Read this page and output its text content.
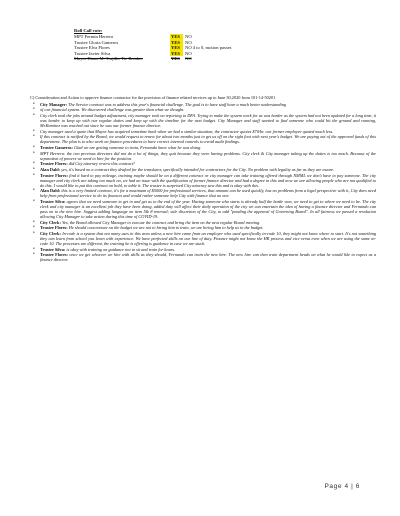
Roll Call vote:
MPT Fermin Herrera	YES	NO
Trustee Gloria Gameros	YES	NO
Trustee Elva Flores	YES	NO 4 to 0, motion passes
Trustee Javier Silva	YES	NO
Mayor Diana M. Trujillo-Tie Breaker	YES	NO
C) Consideration and Action to approve finance contractor for the provision of finance related services up to June 30,2020 from 101-14-50201
• City Manager: The Service contract was to address this year's financial challenge. The goal is to have staff have a much better understanding
• of our financial system. We discovered challenge was greater than what we thought.
• City clerk took the jobs around budget adjustment, city manager took on reporting to DFA. Trying to make the system work for us was harder as the system had not been updated for a long time, it was harder to keep up with our regular duties and keep up with the timeline for the next budget. City Manager and staff wanted to find someone who could hit the ground and running, Mr.Ramirez was reached out since he was our former finance director.
• City manager used a quote that Mayor has acquired sometime back when we had a similar situation, the contractor quotes $70/hr. our former employee quoted much less.
• If this contract is ratified by the Board, we would request to renew for about two months just to get us off on the right foot with next year's budget. We are paying out of the approved funds of this department. The plan is to also work on finance procedures to have correct internal controls to avoid audit findings.
• Trustee Gameros: Glad we are getting someone to train, Fernando knew what he was doing.
• MPT Herrera: the two previous directors did not do a lot of things, they quit because they were having problems. City clerk & City manager taking up the duties is too much. Because of the separation of powers we need to hire for the position.
• Trustee Flores: did City attorney review this contract?
• Alan Dahl: yes, it's based on a contract they drafted for the translator, specifically intended for contractors for the City. No problem with legality as far as they are aware.
• Trustee Flores: find it hard to pay mileage, training maybe should be on a different contract or city manager can take training offered through NMML we don't have to pay someone. The city manager and city clerk are taking too much on, we had an issue with the qualification of former finance director and had a degree in this and now we are allowing people who are not qualified to do this. I would like to put this contract on hold, to table it. The trustee is surprised City attorney saw this and is okay with this.
• Alan Dahl: this is a very limited contract, it's for a maximum of $5000 for professional services, that amount can be used quickly, has no problems from a legal perspective with it, City does need help from professional service to do its finances and would rather someone help City with finance that no one.
• Trustee Silva: agrees that we need someone to get in and get us to the end of the year. Having someone who starts is already half the battle won, we need to get to where we need to be. The city clerk and city manager is an excellent job they have been doing, added duty will affect their daily operation of the city we can entertain the idea of having a finance director and Fernando can pass on to the new hire. Suggest adding language on item 5& 8 renewal; sole discretion of the City, to add "pending the approval of Governing Board". In all fairness we passed a resolution allowing City Manager to take action during this time of COVID-19.
• City Clerk: Yes, the Board allowed City Manager to execute the contract and bring the item on the next regular Board meeting.
• Trustee Flores: He should concentrate on the budget we are not to hiring him to train, we are hiring him to help us in the budget.
• City Clerk: In-code is a system that not many uses in this area unless a new hire came from an employer who used specifically in-code 10, they might not know where to start. It's not something they can learn from school you learn with experience. We have perfected skills on our line of duty. Finance might not know the HR process and vice versa even when we are using the same in-code 10. The processes are different, the training he is offering is guidance in case we are stuck.
• Trustee Silva: is okay with training on guidance not to sit and train for hours.
• Trustee Flores: once we get whoever we hire with skills as they should, Fernando can train the new hire. The new hire can then train department heads on what he would like to expect as a finance director.
Page 4 | 6
